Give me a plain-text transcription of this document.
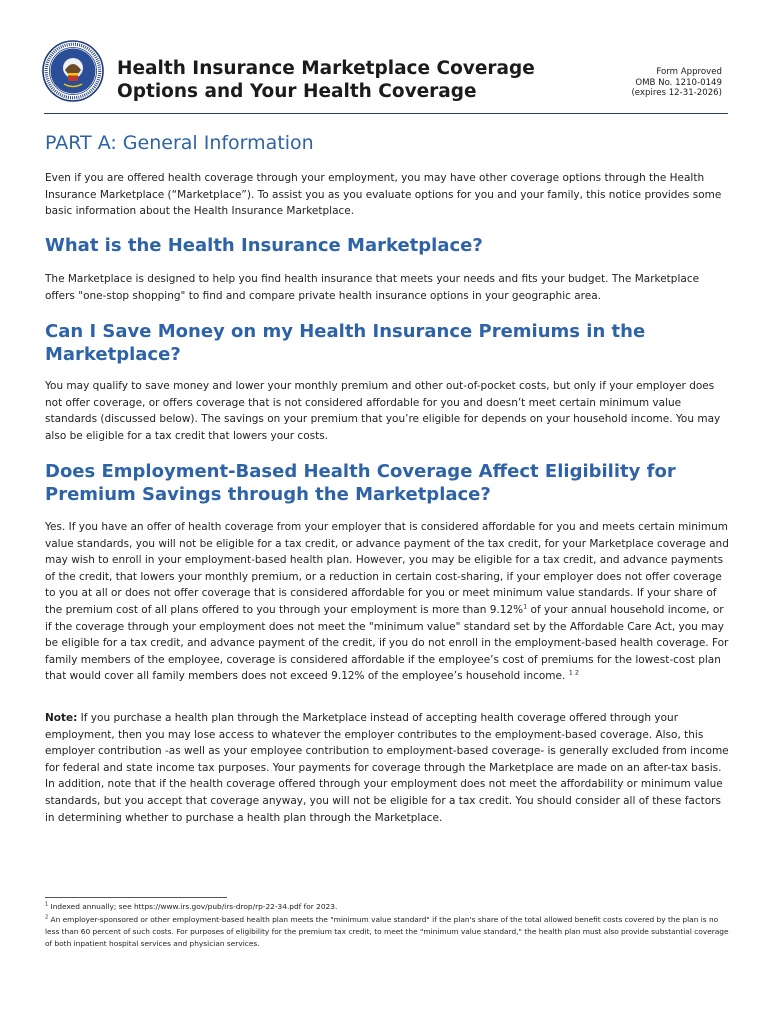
Health Insurance Marketplace Coverage
Options and Your Health Coverage
Form Approved
OMB No. 1210-0149
(expires 12-31-2026)
PART A: General Information

Even if you are offered health coverage through your employment, you may have other coverage options through the Health Insurance Marketplace (“Marketplace”). To assist you as you evaluate options for you and your family, this notice provides some basic information about the Health Insurance Marketplace.

What is the Health Insurance Marketplace?

The Marketplace is designed to help you find health insurance that meets your needs and fits your budget. The Marketplace offers "one-stop shopping" to find and compare private health insurance options in your geographic area.

Can I Save Money on my Health Insurance Premiums in the Marketplace?

You may qualify to save money and lower your monthly premium and other out-of-pocket costs, but only if your employer does not offer coverage, or offers coverage that is not considered affordable for you and doesn’t meet certain minimum value standards (discussed below). The savings on your premium that you’re eligible for depends on your household income. You may also be eligible for a tax credit that lowers your costs.

Does Employment-Based Health Coverage Affect Eligibility for Premium Savings through the Marketplace?

Yes. If you have an offer of health coverage from your employer that is considered affordable for you and meets certain minimum value standards, you will not be eligible for a tax credit, or advance payment of the tax credit, for your Marketplace coverage and may wish to enroll in your employment-based health plan. However, you may be eligible for a tax credit, and advance payments of the credit, that lowers your monthly premium, or a reduction in certain cost-sharing, if your employer does not offer coverage to you at all or does not offer coverage that is considered affordable for you or meet minimum value standards. If your share of the premium cost of all plans offered to you through your employment is more than 9.12%$^1$ of your annual household income, or if the coverage through your employment does not meet the "minimum value" standard set by the Affordable Care Act, you may be eligible for a tax credit, and advance payment of the credit, if you do not enroll in the employment-based health coverage. For family members of the employee, coverage is considered affordable if the employee’s cost of premiums for the lowest-cost plan that would cover all family members does not exceed 9.12% of the employee’s household income. $^{1 2}$

Note: If you purchase a health plan through the Marketplace instead of accepting health coverage offered through your employment, then you may lose access to whatever the employer contributes to the employment-based coverage. Also, this employer contribution -as well as your employee contribution to employment-based coverage- is generally excluded from income for federal and state income tax purposes. Your payments for coverage through the Marketplace are made on an after-tax basis. In addition, note that if the health coverage offered through your employment does not meet the affordability or minimum value standards, but you accept that coverage anyway, you will not be eligible for a tax credit. You should consider all of these factors in determining whether to purchase a health plan through the Marketplace.

$^1$ Indexed annually; see https://www.irs.gov/pub/irs-drop/rp-22-34.pdf for 2023.

$^2$ An employer-sponsored or other employment-based health plan meets the "minimum value standard" if the plan's share of the total allowed benefit costs covered by the plan is no less than 60 percent of such costs. For purposes of eligibility for the premium tax credit, to meet the "minimum value standard," the health plan must also provide substantial coverage of both inpatient hospital services and physician services.
